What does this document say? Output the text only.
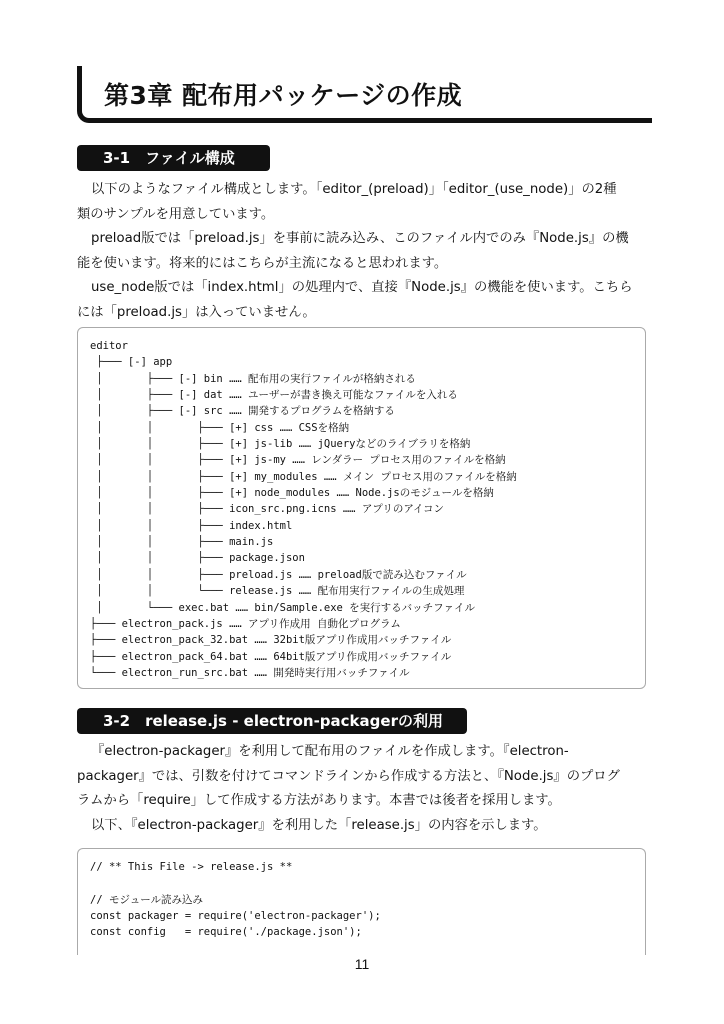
第3章 配布用パッケージの作成
3-1　ファイル構成
以下のようなファイル構成とします。「editor_(preload)」「editor_(use_node)」の2種
類のサンプルを用意しています。
preload版では「preload.js」を事前に読み込み、このファイル内でのみ『Node.js』の機
能を使います。将来的にはこちらが主流になると思われます。
use_node版では「index.html」の処理内で、直接『Node.js』の機能を使います。こちら
には「preload.js」は入っていません。
editor
├─── [-] app
│       ├─── [-] bin …… 配布用の実行ファイルが格納される
│       ├─── [-] dat …… ユーザーが書き換え可能なファイルを入れる
│       ├─── [-] src …… 開発するプログラムを格納する
│       │       ├─── [+] css …… CSSを格納
│       │       ├─── [+] js-lib …… jQueryなどのライブラリを格納
│       │       ├─── [+] js-my …… レンダラー プロセス用のファイルを格納
│       │       ├─── [+] my_modules …… メイン プロセス用のファイルを格納
│       │       ├─── [+] node_modules …… Node.jsのモジュールを格納
│       │       ├─── icon_src.png.icns …… アプリのアイコン
│       │       ├─── index.html
│       │       ├─── main.js
│       │       ├─── package.json
│       │       ├─── preload.js …… preload版で読み込むファイル
│       │       └─── release.js …… 配布用実行ファイルの生成処理
│       └─── exec.bat …… bin/Sample.exe を実行するバッチファイル
├─── electron_pack.js …… アプリ作成用 自動化プログラム
├─── electron_pack_32.bat …… 32bit版アプリ作成用バッチファイル
├─── electron_pack_64.bat …… 64bit版アプリ作成用バッチファイル
└─── electron_run_src.bat …… 開発時実行用バッチファイル
3-2　release.js - electron-packagerの利用
『electron-packager』を利用して配布用のファイルを作成します。『electron-
packager』では、引数を付けてコマンドラインから作成する方法と、『Node.js』のプログ
ラムから「require」して作成する方法があります。本書では後者を採用します。
以下、『electron-packager』を利用した「release.js」の内容を示します。
// ** This File -> release.js **

// モジュール読み込み
const packager = require('electron-packager');
const config   = require('./package.json');
11
